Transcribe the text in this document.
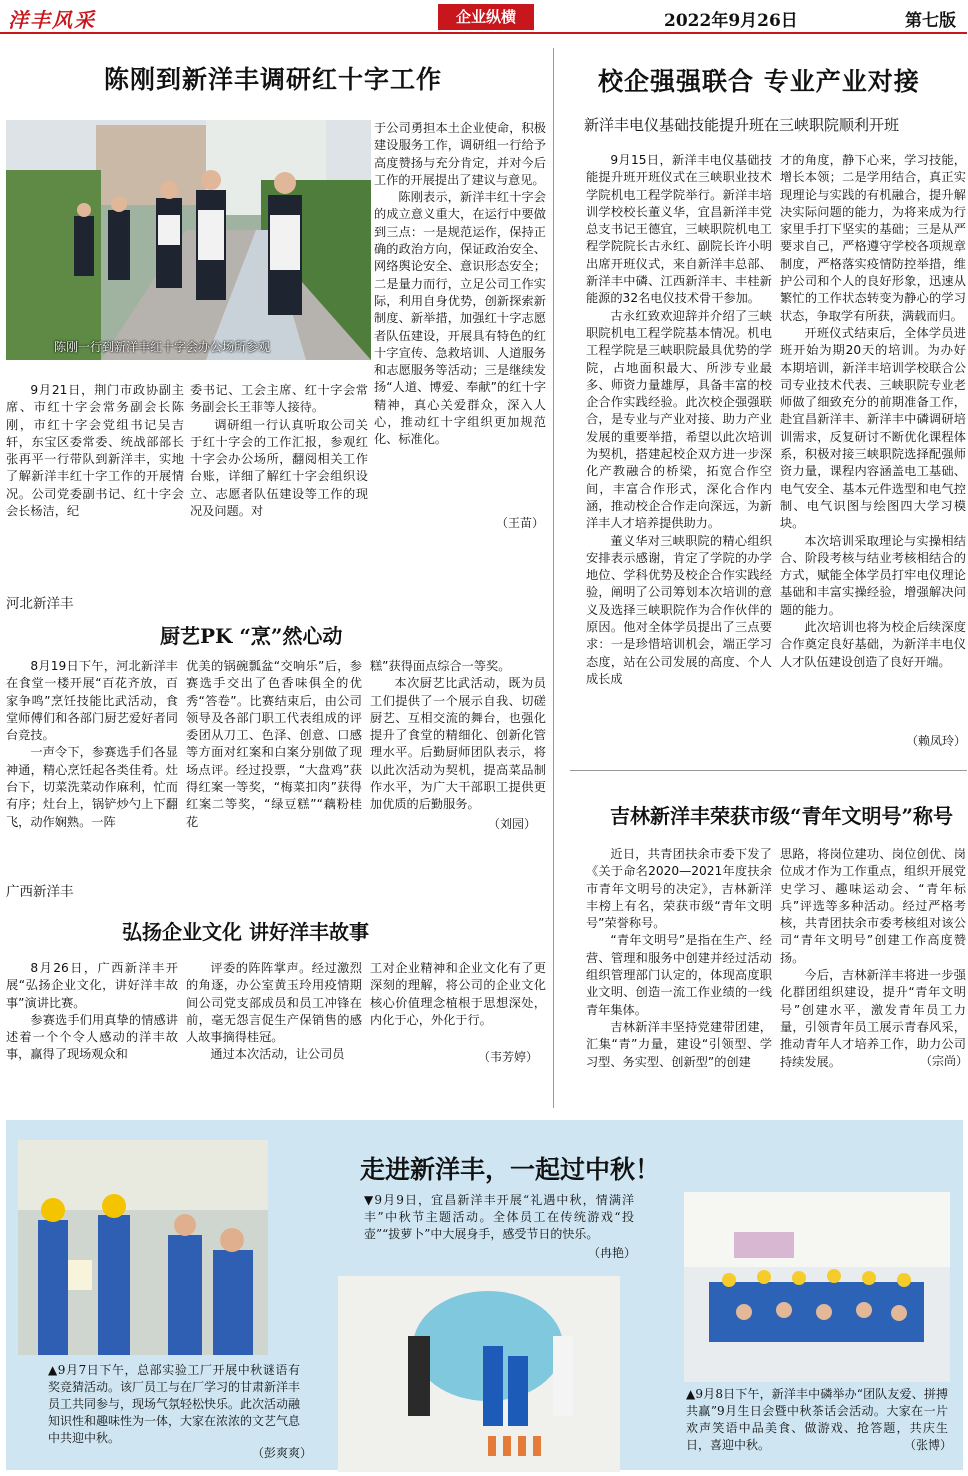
洋丰风采	企业纵横	2022年9月26日	第七版
陈刚到新洋丰调研红十字工作
陈刚一行到新洋丰红十字会办公场所参观

9月21日，荆门市政协副主席、市红十字会常务副会长陈刚，市红十字会党组书记吴吉轩，东宝区委常委、统战部部长张再平一行带队到新洋丰，实地了解新洋丰红十字工作的开展情况。公司党委副书记、红十字会会长杨洁，纪

委书记、工会主席、红十字会常务副会长王菲等人接待。

调研组一行认真听取公司关于红十字会的工作汇报，参观红十字会办公场所，翻阅相关工作台账，详细了解红十字会组织设立、志愿者队伍建设等工作的现况及问题。对

于公司勇担本土企业使命，积极建设服务工作，调研组一行给予高度赞扬与充分肯定，并对今后工作的开展提出了建议与意见。

陈刚表示，新洋丰红十字会的成立意义重大，在运行中要做到三点：一是规范运作，保持正确的政治方向，保证政治安全、网络舆论安全、意识形态安全；二是量力而行，立足公司工作实际，利用自身优势，创新探索新制度、新举措，加强红十字志愿者队伍建设，开展具有特色的红十字宣传、急救培训、人道服务和志愿服务等活动；三是继续发扬“人道、博爱、奉献”的红十字精神，真心关爱群众，深入人心，推动红十字组织更加规范化、标准化。

（王苗）
河北新洋丰
厨艺PK “烹”然心动

8月19日下午，河北新洋丰在食堂一楼开展“百花齐放，百家争鸣”烹饪技能比武活动，食堂师傅们和各部门厨艺爱好者同台竞技。

一声令下，参赛选手们各显神通，精心烹饪起各类佳肴。灶台下，切菜洗菜动作麻利，忙而有序；灶台上，锅铲炒勺上下翻飞，动作娴熟。一阵

优美的锅碗瓢盆“交响乐”后，参赛选手交出了色香味俱全的优秀“答卷”。比赛结束后，由公司领导及各部门职工代表组成的评委团从刀工、色泽、创意、口感等方面对红案和白案分别做了现场点评。经过投票，“大盘鸡”获得红案一等奖，“梅菜扣肉”获得红案二等奖，“绿豆糕”“藕粉桂花

糕”获得面点综合一等奖。

本次厨艺比武活动，既为员工们提供了一个展示自我、切磋厨艺、互相交流的舞台，也强化提升了食堂的精细化、创新化管理水平。后勤厨师团队表示，将以此次活动为契机，提高菜品制作水平，为广大干部职工提供更加优质的后勤服务。

（刘园）
广西新洋丰
弘扬企业文化 讲好洋丰故事

8月26日，广西新洋丰开展“弘扬企业文化，讲好洋丰故事”演讲比赛。

参赛选手们用真挚的情感讲述着一个个令人感动的洋丰故事，赢得了现场观众和

评委的阵阵掌声。经过激烈的角逐，办公室黄玉玲用疫情期间公司党支部成员和员工冲锋在前，毫无怨言促生产保销售的感人故事摘得桂冠。

通过本次活动，让公司员

工对企业精神和企业文化有了更深刻的理解，将公司的企业文化核心价值理念植根于思想深处，内化于心，外化于行。

（韦芳婷）
校企强强联合 专业产业对接
新洋丰电仪基础技能提升班在三峡职院顺利开班

9月15日，新洋丰电仪基础技能提升班开班仪式在三峡职业技术学院机电工程学院举行。新洋丰培训学校校长董义华，宜昌新洋丰党总支书记王德宜，三峡职院机电工程学院院长古永红、副院长许小明出席开班仪式，来自新洋丰总部、新洋丰中磷、江西新洋丰、丰桂新能源的32名电仪技术骨干参加。

古永红致欢迎辞并介绍了三峡职院机电工程学院基本情况。机电工程学院是三峡职院最具优势的学院，占地面积最大、所涉专业最多、师资力量雄厚，具备丰富的校企合作实践经验。此次校企强强联合，是专业与产业对接、助力产业发展的重要举措，希望以此次培训为契机，搭建起校企双方进一步深化产教融合的桥梁，拓宽合作空间，丰富合作形式，深化合作内涵，推动校企合作走向深远，为新洋丰人才培养提供助力。

董义华对三峡职院的精心组织安排表示感谢，肯定了学院的办学地位、学科优势及校企合作实践经验，阐明了公司筹划本次培训的意义及选择三峡职院作为合作伙伴的原因。他对全体学员提出了三点要求：一是珍惜培训机会，端正学习态度，站在公司发展的高度、个人成长成

才的角度，静下心来，学习技能，增长本领；二是学用结合，真正实现理论与实践的有机融合，提升解决实际问题的能力，为将来成为行家里手打下坚实的基础；三是从严要求自己，严格遵守学校各项规章制度，严格落实疫情防控举措，维护公司和个人的良好形象，迅速从繁忙的工作状态转变为静心的学习状态，争取学有所获，满载而归。

开班仪式结束后，全体学员进班开始为期20天的培训。为办好本期培训，新洋丰培训学校联合公司专业技术代表、三峡职院专业老师做了细致充分的前期准备工作，赴宜昌新洋丰、新洋丰中磷调研培训需求，反复研讨不断优化课程体系，积极对接三峡职院选择配强师资力量，课程内容涵盖电工基础、电气安全、基本元件选型和电气控制、电气识图与绘图四大学习模块。

本次培训采取理论与实操相结合、阶段考核与结业考核相结合的方式，赋能全体学员打牢电仪理论基础和丰富实操经验，增强解决问题的能力。

此次培训也将为校企后续深度合作奠定良好基础，为新洋丰电仪人才队伍建设创造了良好开端。

（赖凤玲）
吉林新洋丰荣获市级“青年文明号”称号

近日，共青团扶余市委下发了《关于命名2020—2021年度扶余市青年文明号的决定》，吉林新洋丰榜上有名，荣获市级“青年文明号”荣誉称号。

“青年文明号”是指在生产、经营、管理和服务中创建并经过活动组织管理部门认定的，体现高度职业文明、创造一流工作业绩的一线青年集体。

吉林新洋丰坚持党建带团建，汇集“青”力量，建设“引领型、学习型、务实型、创新型”的创建

思路，将岗位建功、岗位创优、岗位成才作为工作重点，组织开展党史学习、趣味运动会、“青年标兵”评选等多种活动。经过严格考核，共青团扶余市委考核组对该公司“青年文明号”创建工作高度赞扬。

今后，吉林新洋丰将进一步强化群团组织建设，提升“青年文明号”创建水平，激发青年员工力量，引领青年员工展示青春风采，推动青年人才培养工作，助力公司持续发展。	（宗尚）
走进新洋丰，一起过中秋！
▼9月9日，宜昌新洋丰开展“礼遇中秋，情满洋丰”中秋节主题活动。全体员工在传统游戏“投壶”“拔萝卜”中大展身手，感受节日的快乐。
（冉艳）
▲9月7日下午，总部实验工厂开展中秋谜语有奖竞猜活动。该厂员工与在厂学习的甘肃新洋丰员工共同参与，现场气氛轻松快乐。此次活动融知识性和趣味性为一体，大家在浓浓的文艺气息中共迎中秋。
（彭爽爽）
▲9月8日下午，新洋丰中磷举办“团队友爱、拼搏共赢”9月生日会暨中秋茶话会活动。大家在一片欢声笑语中品美食、做游戏、抢答题，共庆生日，喜迎中秋。	（张博）
